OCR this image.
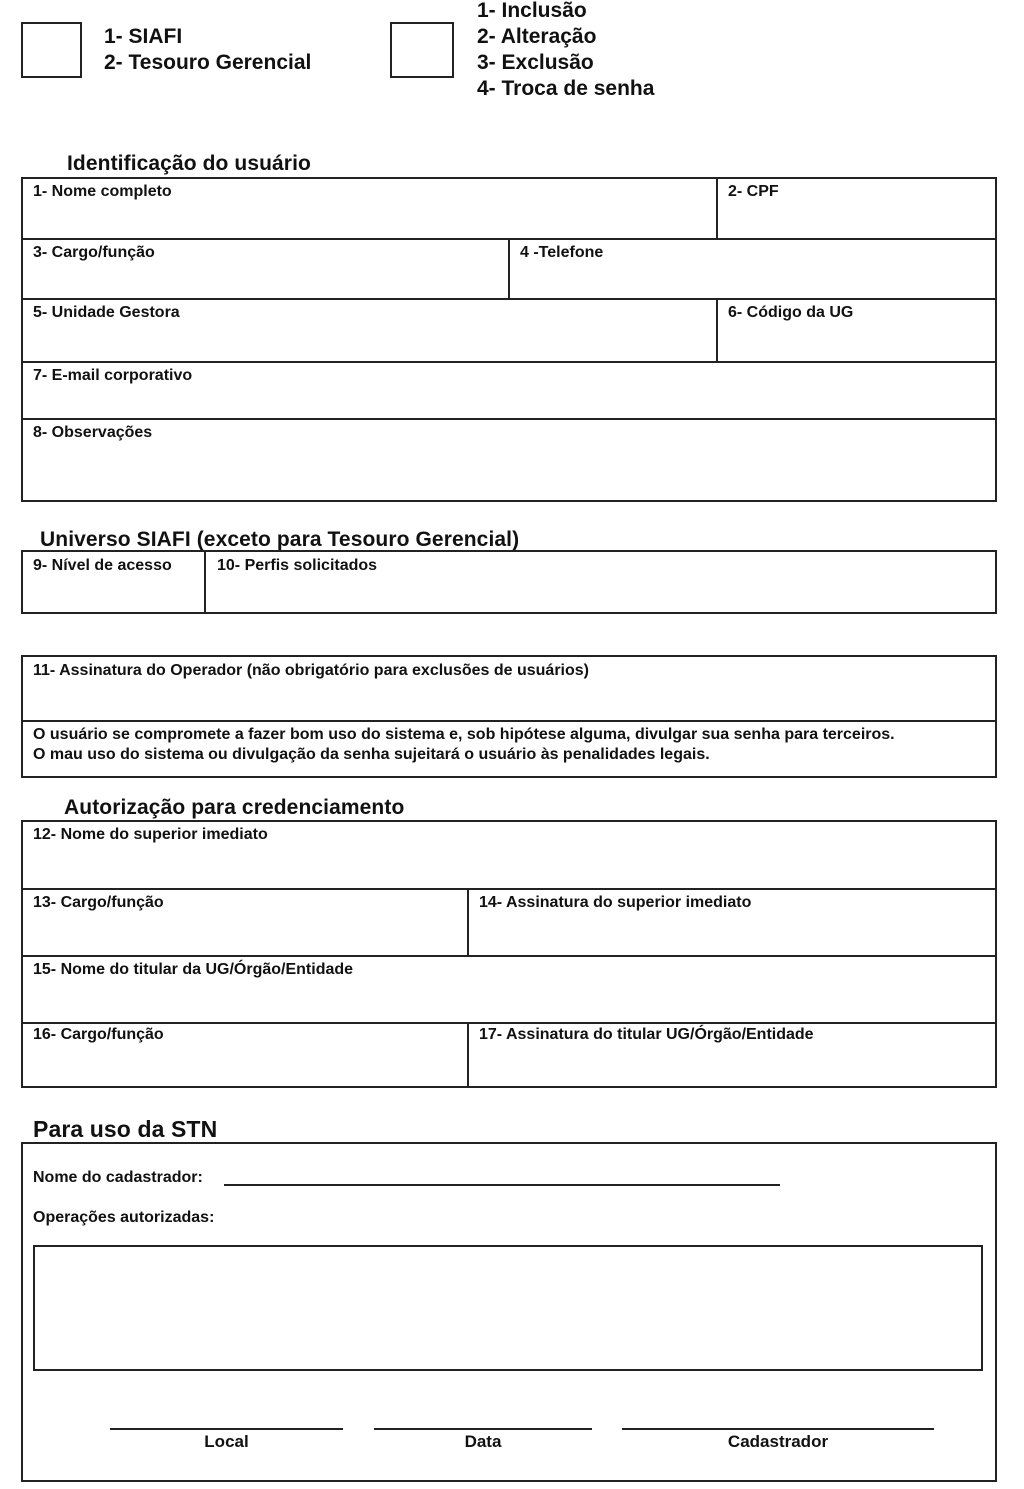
1- SIAFI
2- Tesouro Gerencial
1- Inclusão
2- Alteração
3- Exclusão
4- Troca de senha
Identificação do usuário
1- Nome completo	2- CPF
3- Cargo/função	4 -Telefone
5- Unidade Gestora	6- Código da UG
7- E-mail corporativo
8- Observações
Universo SIAFI (exceto para Tesouro Gerencial)
9- Nível de acesso	10- Perfis solicitados
11- Assinatura do Operador (não obrigatório para exclusões de usuários)
O usuário se compromete a fazer bom uso do sistema e, sob hipótese alguma, divulgar sua senha para terceiros.
O mau uso do sistema ou divulgação da senha sujeitará o usuário às penalidades legais.
Autorização para credenciamento
12- Nome do superior imediato
13- Cargo/função	14- Assinatura do superior imediato
15- Nome do titular da UG/Órgão/Entidade
16- Cargo/função	17- Assinatura do titular UG/Órgão/Entidade
Para uso da STN
Nome do cadastrador:
Operações autorizadas:
Local	Data	Cadastrador
